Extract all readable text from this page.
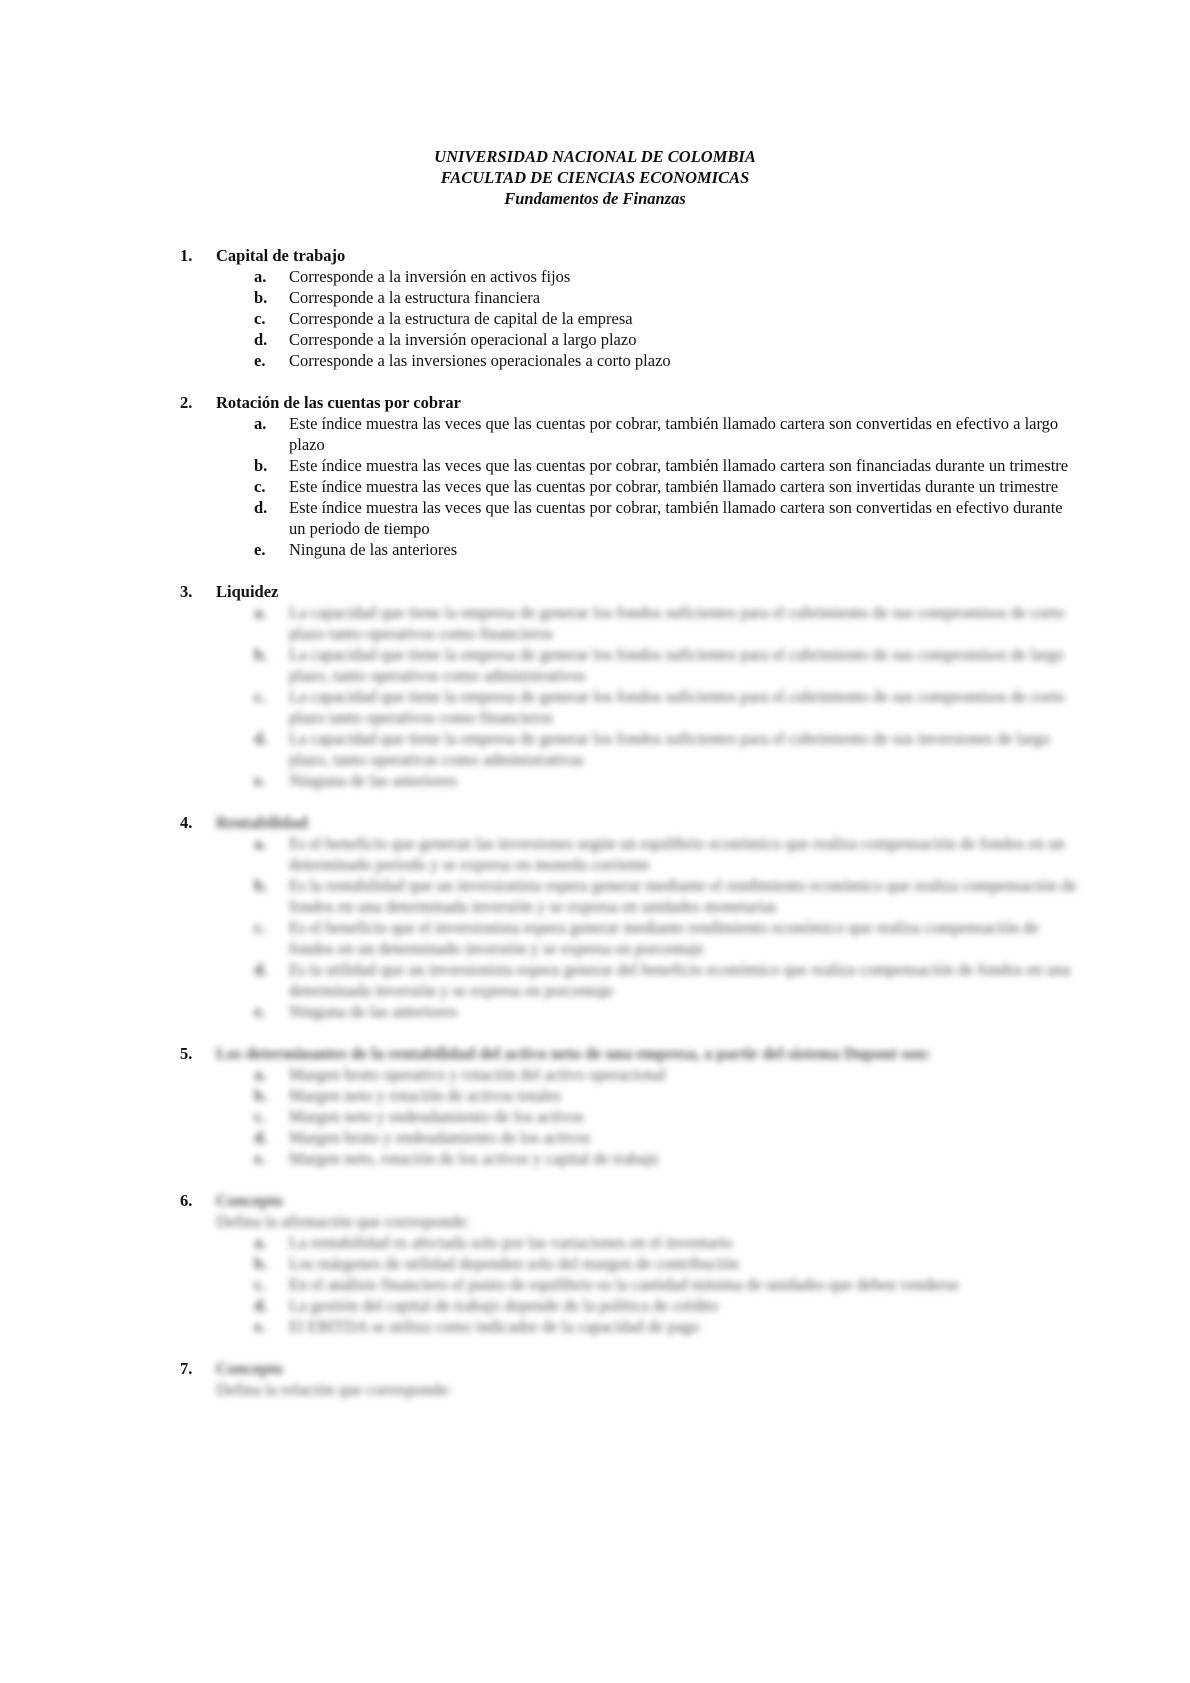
UNIVERSIDAD NACIONAL DE COLOMBIA
FACULTAD DE CIENCIAS ECONOMICAS
Fundamentos de Finanzas
1. Capital de trabajo
a. Corresponde a la inversión en activos fijos
b. Corresponde a la estructura financiera
c. Corresponde a la estructura de capital de la empresa
d. Corresponde a la inversión operacional a largo plazo
e. Corresponde a las inversiones operacionales a corto plazo
2. Rotación de las cuentas por cobrar
a. Este índice muestra las veces que las cuentas por cobrar, también llamado cartera son convertidas en efectivo a largo plazo
b. Este índice muestra las veces que las cuentas por cobrar, también llamado cartera son financiadas durante un trimestre
c. Este índice muestra las veces que las cuentas por cobrar, también llamado cartera son invertidas durante un trimestre
d. Este índice muestra las veces que las cuentas por cobrar, también llamado cartera son convertidas en efectivo durante un periodo de tiempo
e. Ninguna de las anteriores
3. Liquidez
a. La capacidad que tiene la empresa de generar los fondos suficientes para el cubrimiento de sus compromisos de corto plazo tanto operativos como financieros
b. La capacidad que tiene la empresa de generar los fondos suficientes para el cubrimiento de sus compromisos de largo plazo, tanto operativos como administrativos
c. La capacidad que tiene la empresa de generar los fondos suficientes para el cubrimiento de sus compromisos de corto plazo tanto operativos como financieros
d. La capacidad que tiene la empresa de generar los fondos suficientes para el cubrimiento de sus inversiones de largo plazo, tanto operativas como administrativas
e. Ninguna de las anteriores
4. Rentabilidad
a. Es el beneficio que generan las inversiones según un equilibrio económico que realiza compensación de fondos en un determinado periodo y se expresa en moneda corriente
b. Es la rentabilidad que un inversionista espera generar mediante el rendimiento económico que realiza compensación de fondos en una determinada inversión y se expresa en unidades monetarias
c. Es el beneficio que el inversionista espera generar mediante rendimiento económico que realiza compensación de fondos en un determinado inversión y se expresa en porcentaje
d. Es la utilidad que un inversionista espera generar del beneficio económico que realiza compensación de fondos en una determinada inversión y se expresa en porcentaje
e. Ninguna de las anteriores
5. Los determinantes de la rentabilidad del activo neto de una empresa, a partir del sistema Dupont son:
a. Margen bruto operativo y rotación del activo operacional
b. Margen neto y rotación de activos totales
c. Margen neto y endeudamiento de los activos
d. Margen bruto y endeudamiento de los activos
e. Margen neto, rotación de los activos y capital de trabajo
6. Concepto
Defina la afirmación que corresponde:
a. La rentabilidad es afectada solo por las variaciones en el inventario
b. Los márgenes de utilidad dependen solo del margen de contribución
c. En el análisis financiero el punto de equilibrio es la cantidad mínima de unidades que deben venderse
d. La gestión del capital de trabajo depende de la política de crédito
e. El EBITDA se utiliza como indicador de la capacidad de pago
7. Concepto
Defina la relación que corresponde:
